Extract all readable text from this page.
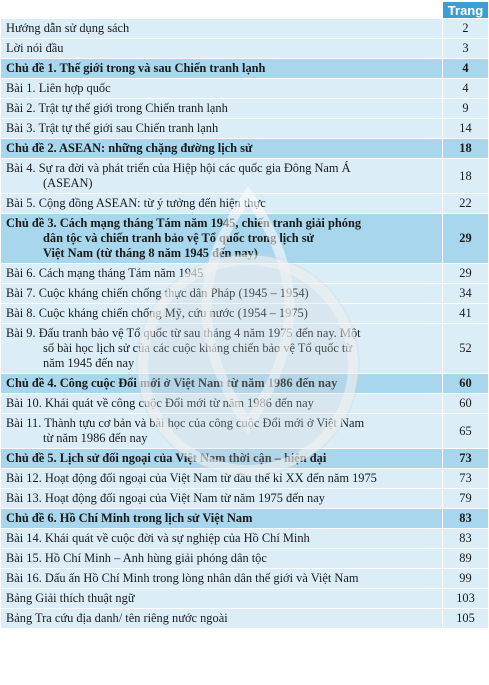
	Trang
Hướng dẫn sử dụng sách	2
Lời nói đầu	3
Chủ đề 1. Thế giới trong và sau Chiến tranh lạnh	4
Bài 1. Liên hợp quốc	4
Bài 2. Trật tự thế giới trong Chiến tranh lạnh	9
Bài 3. Trật tự thế giới sau Chiến tranh lạnh	14
Chủ đề 2. ASEAN: những chặng đường lịch sử	18
Bài 4. Sự ra đời và phát triển của Hiệp hội các quốc gia Đông Nam Á
(ASEAN)	18
Bài 5. Cộng đồng ASEAN: từ ý tưởng đến hiện thực	22
Chủ đề 3. Cách mạng tháng Tám năm 1945, chiến tranh giải phóng
dân tộc và chiến tranh bảo vệ Tổ quốc trong lịch sử
Việt Nam (từ tháng 8 năm 1945 đến nay)	29
Bài 6. Cách mạng tháng Tám năm 1945	29
Bài 7. Cuộc kháng chiến chống thực dân Pháp (1945 – 1954)	34
Bài 8. Cuộc kháng chiến chống Mỹ, cứu nước (1954 – 1975)	41
Bài 9. Đấu tranh bảo vệ Tổ quốc từ sau tháng 4 năm 1975 đến nay. Một
số bài học lịch sử của các cuộc kháng chiến bảo vệ Tổ quốc từ
năm 1945 đến nay	52
Chủ đề 4. Công cuộc Đổi mới ở Việt Nam từ năm 1986 đến nay	60
Bài 10. Khái quát về công cuộc Đổi mới từ năm 1986 đến nay	60
Bài 11. Thành tựu cơ bản và bài học của công cuộc Đổi mới ở Việt Nam
từ năm 1986 đến nay	65
Chủ đề 5. Lịch sử đối ngoại của Việt Nam thời cận – hiện đại	73
Bài 12. Hoạt động đối ngoại của Việt Nam từ đầu thế kỉ XX đến năm 1975	73
Bài 13. Hoạt động đối ngoại của Việt Nam từ năm 1975 đến nay	79
Chủ đề 6. Hồ Chí Minh trong lịch sử Việt Nam	83
Bài 14. Khái quát về cuộc đời và sự nghiệp của Hồ Chí Minh	83
Bài 15. Hồ Chí Minh – Anh hùng giải phóng dân tộc	89
Bài 16. Dấu ấn Hồ Chí Minh trong lòng nhân dân thế giới và Việt Nam	99
Bảng Giải thích thuật ngữ	103
Bảng Tra cứu địa danh/ tên riêng nước ngoài	105
